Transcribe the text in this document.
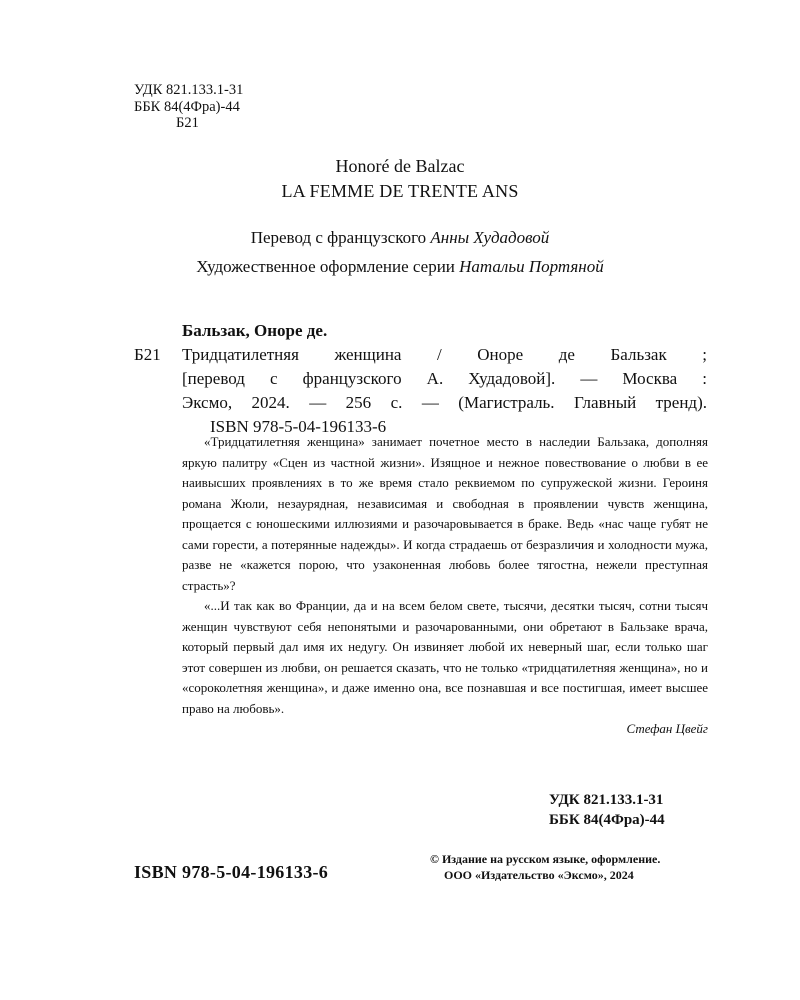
УДК 821.133.1-31
ББК 84(4Фра)-44
Б21
Honoré de Balzac
LA FEMME DE TRENTE ANS
Перевод с французского Анны Худадовой
Художественное оформление серии Натальи Портяной
Бальзак, Оноре де.
Б21	Тридцатилетняя женщина / Оноре де Бальзак ;
[перевод с французского А. Худадовой]. — Москва :
Эксмо, 2024. — 256 с. — (Магистраль. Главный тренд).
ISBN 978-5-04-196133-6

«Тридцатилетняя женщина» занимает почетное место в наследии Бальзака, дополняя яркую палитру «Сцен из частной жизни». Изящное и нежное повествование о любви в ее наивысших проявлениях в то же время стало реквиемом по супружеской жизни. Героиня романа Жюли, незаурядная, независимая и свободная в проявлении чувств женщина, прощается с юношескими иллюзиями и разочаровывается в браке. Ведь «нас чаще губят не сами горести, а потерянные надежды». И когда страдаешь от безразличия и холодности мужа, разве не «кажется порою, что узаконенная любовь более тягостна, нежели преступная страсть»?

«...И так как во Франции, да и на всем белом свете, тысячи, десятки тысяч, сотни тысяч женщин чувствуют себя непонятыми и разочарованными, они обретают в Бальзаке врача, который первый дал имя их недугу. Он извиняет любой их неверный шаг, если только шаг этот совершен из любви, он решается сказать, что не только «тридцатилетняя женщина», но и «сороколетняя женщина», и даже именно она, все познавшая и все постигшая, имеет высшее право на любовь».

Стефан Цвейг
УДК 821.133.1-31
ББК 84(4Фра)-44
ISBN 978-5-04-196133-6
© Издание на русском языке, оформление.
ООО «Издательство «Эксмо», 2024
